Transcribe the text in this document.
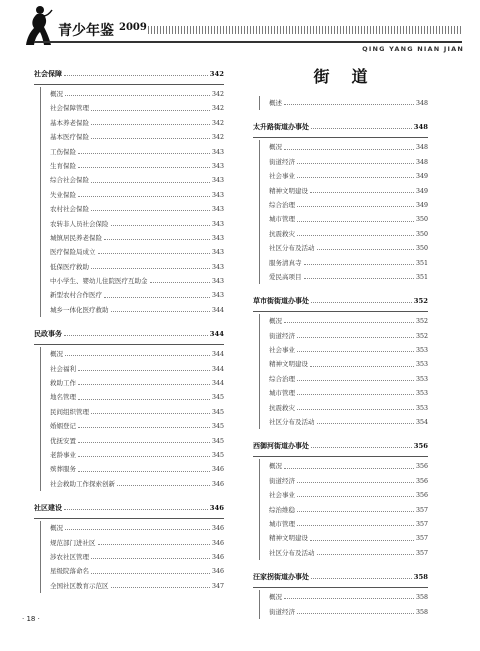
青少年鉴 2009
QING YANG NIAN JIAN
社会保障	342
概况	342
社会保障管理	342
基本养老保险	342
基本医疗保险	342
工伤保险	343
生育保险	343
综合社会保险	343
失业保险	343
农村社会保险	343
农转非人员社会保险	343
城镇居民养老保险	343
医疗保险局成立	343
低保医疗救助	343
中小学生、婴幼儿住院医疗互助金	343
新型农村合作医疗	343
城乡一体化医疗救助	344
民政事务	344
概况	344
社会福利	344
救助工作	344
地名管理	345
民间组织管理	345
婚姻登记	345
优抚安置	345
老龄事业	345
殡葬服务	346
社会救助工作探索创新	346
社区建设	346
概况	346
规范部门进社区	346
涉农社区管理	346
星级院落命名	346
全国社区教育示范区	347
街道
概述	348
太升路街道办事处	348
概况	348
街道经济	348
社会事业	349
精神文明建设	349
综合治理	349
城市管理	350
抗震救灾	350
社区分布及活动	350
服务清真寺	351
爱民高项目	351
草市街街道办事处	352
概况	352
街道经济	352
社会事业	353
精神文明建设	353
综合治理	353
城市管理	353
抗震救灾	353
社区分布及活动	354
西御河街道办事处	356
概况	356
街道经济	356
社会事业	356
综治维稳	357
城市管理	357
精神文明建设	357
社区分布及活动	357
汪家拐街道办事处	358
概况	358
街道经济	358
· 18 ·
